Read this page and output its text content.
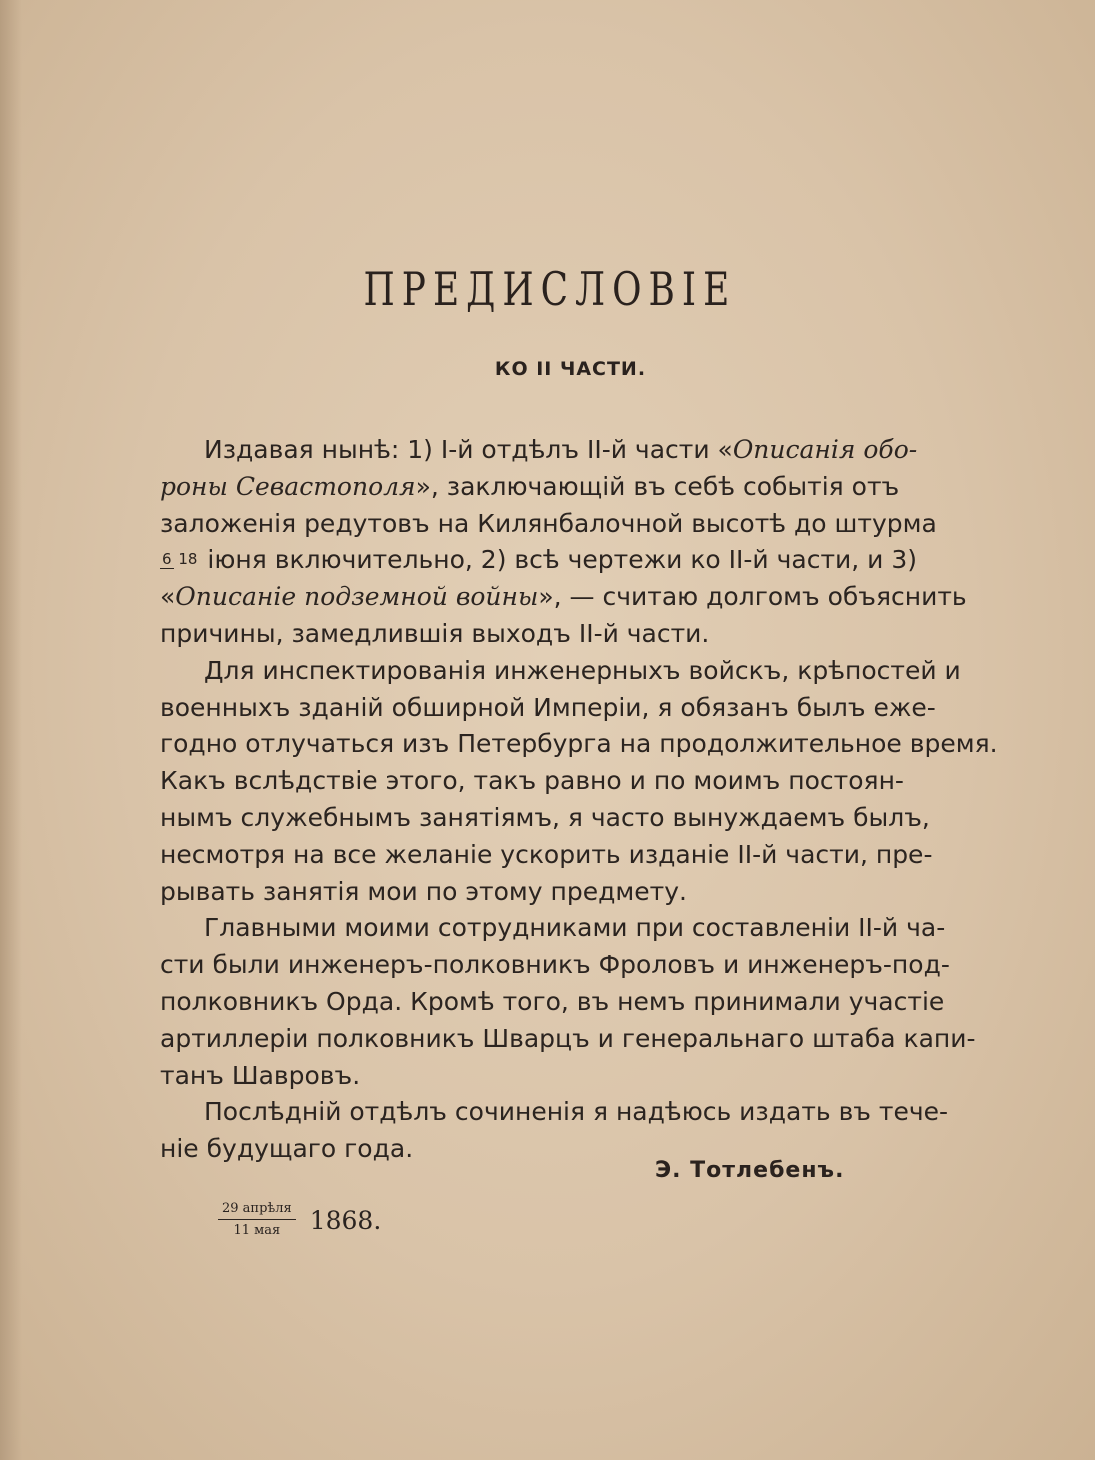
ПРЕДИСЛОВІЕ
КО II ЧАСТИ.
Издавая нынѣ: 1) I-й отдѣлъ II-й части « Описанія обо-
роны Севастополя », заключающій въ себѣ событія отъ
заложенія редутовъ на Килянбалочной высотѣ до штурма
6 18 іюня включительно, 2) всѣ чертежи ко II-й части, и 3)
« Описаніе подземной войны », — считаю долгомъ объяснить
причины, замедлившія выходъ II-й части.
Для инспектированія инженерныхъ войскъ, крѣпостей и
военныхъ зданій обширной Имперіи, я обязанъ былъ еже-
годно отлучаться изъ Петербурга на продолжительное время.
Какъ вслѣдствіе этого, такъ равно и по моимъ постоян-
нымъ служебнымъ занятіямъ, я часто вынуждаемъ былъ,
несмотря на все желаніе ускорить изданіе II-й части, пре-
рывать занятія мои по этому предмету.
Главными моими сотрудниками при составленіи II-й ча-
сти были инженеръ-полковникъ Фроловъ и инженеръ-под-
полковникъ Орда. Кромѣ того, въ немъ принимали участіе
артиллеріи полковникъ Шварцъ и генеральнаго штаба капи-
танъ Шавровъ.
Послѣдній отдѣлъ сочиненія я надѣюсь издать въ тече-
ніе будущаго года.
Э. Тотлебенъ.
29 апрѣля
11 мая 1868.
